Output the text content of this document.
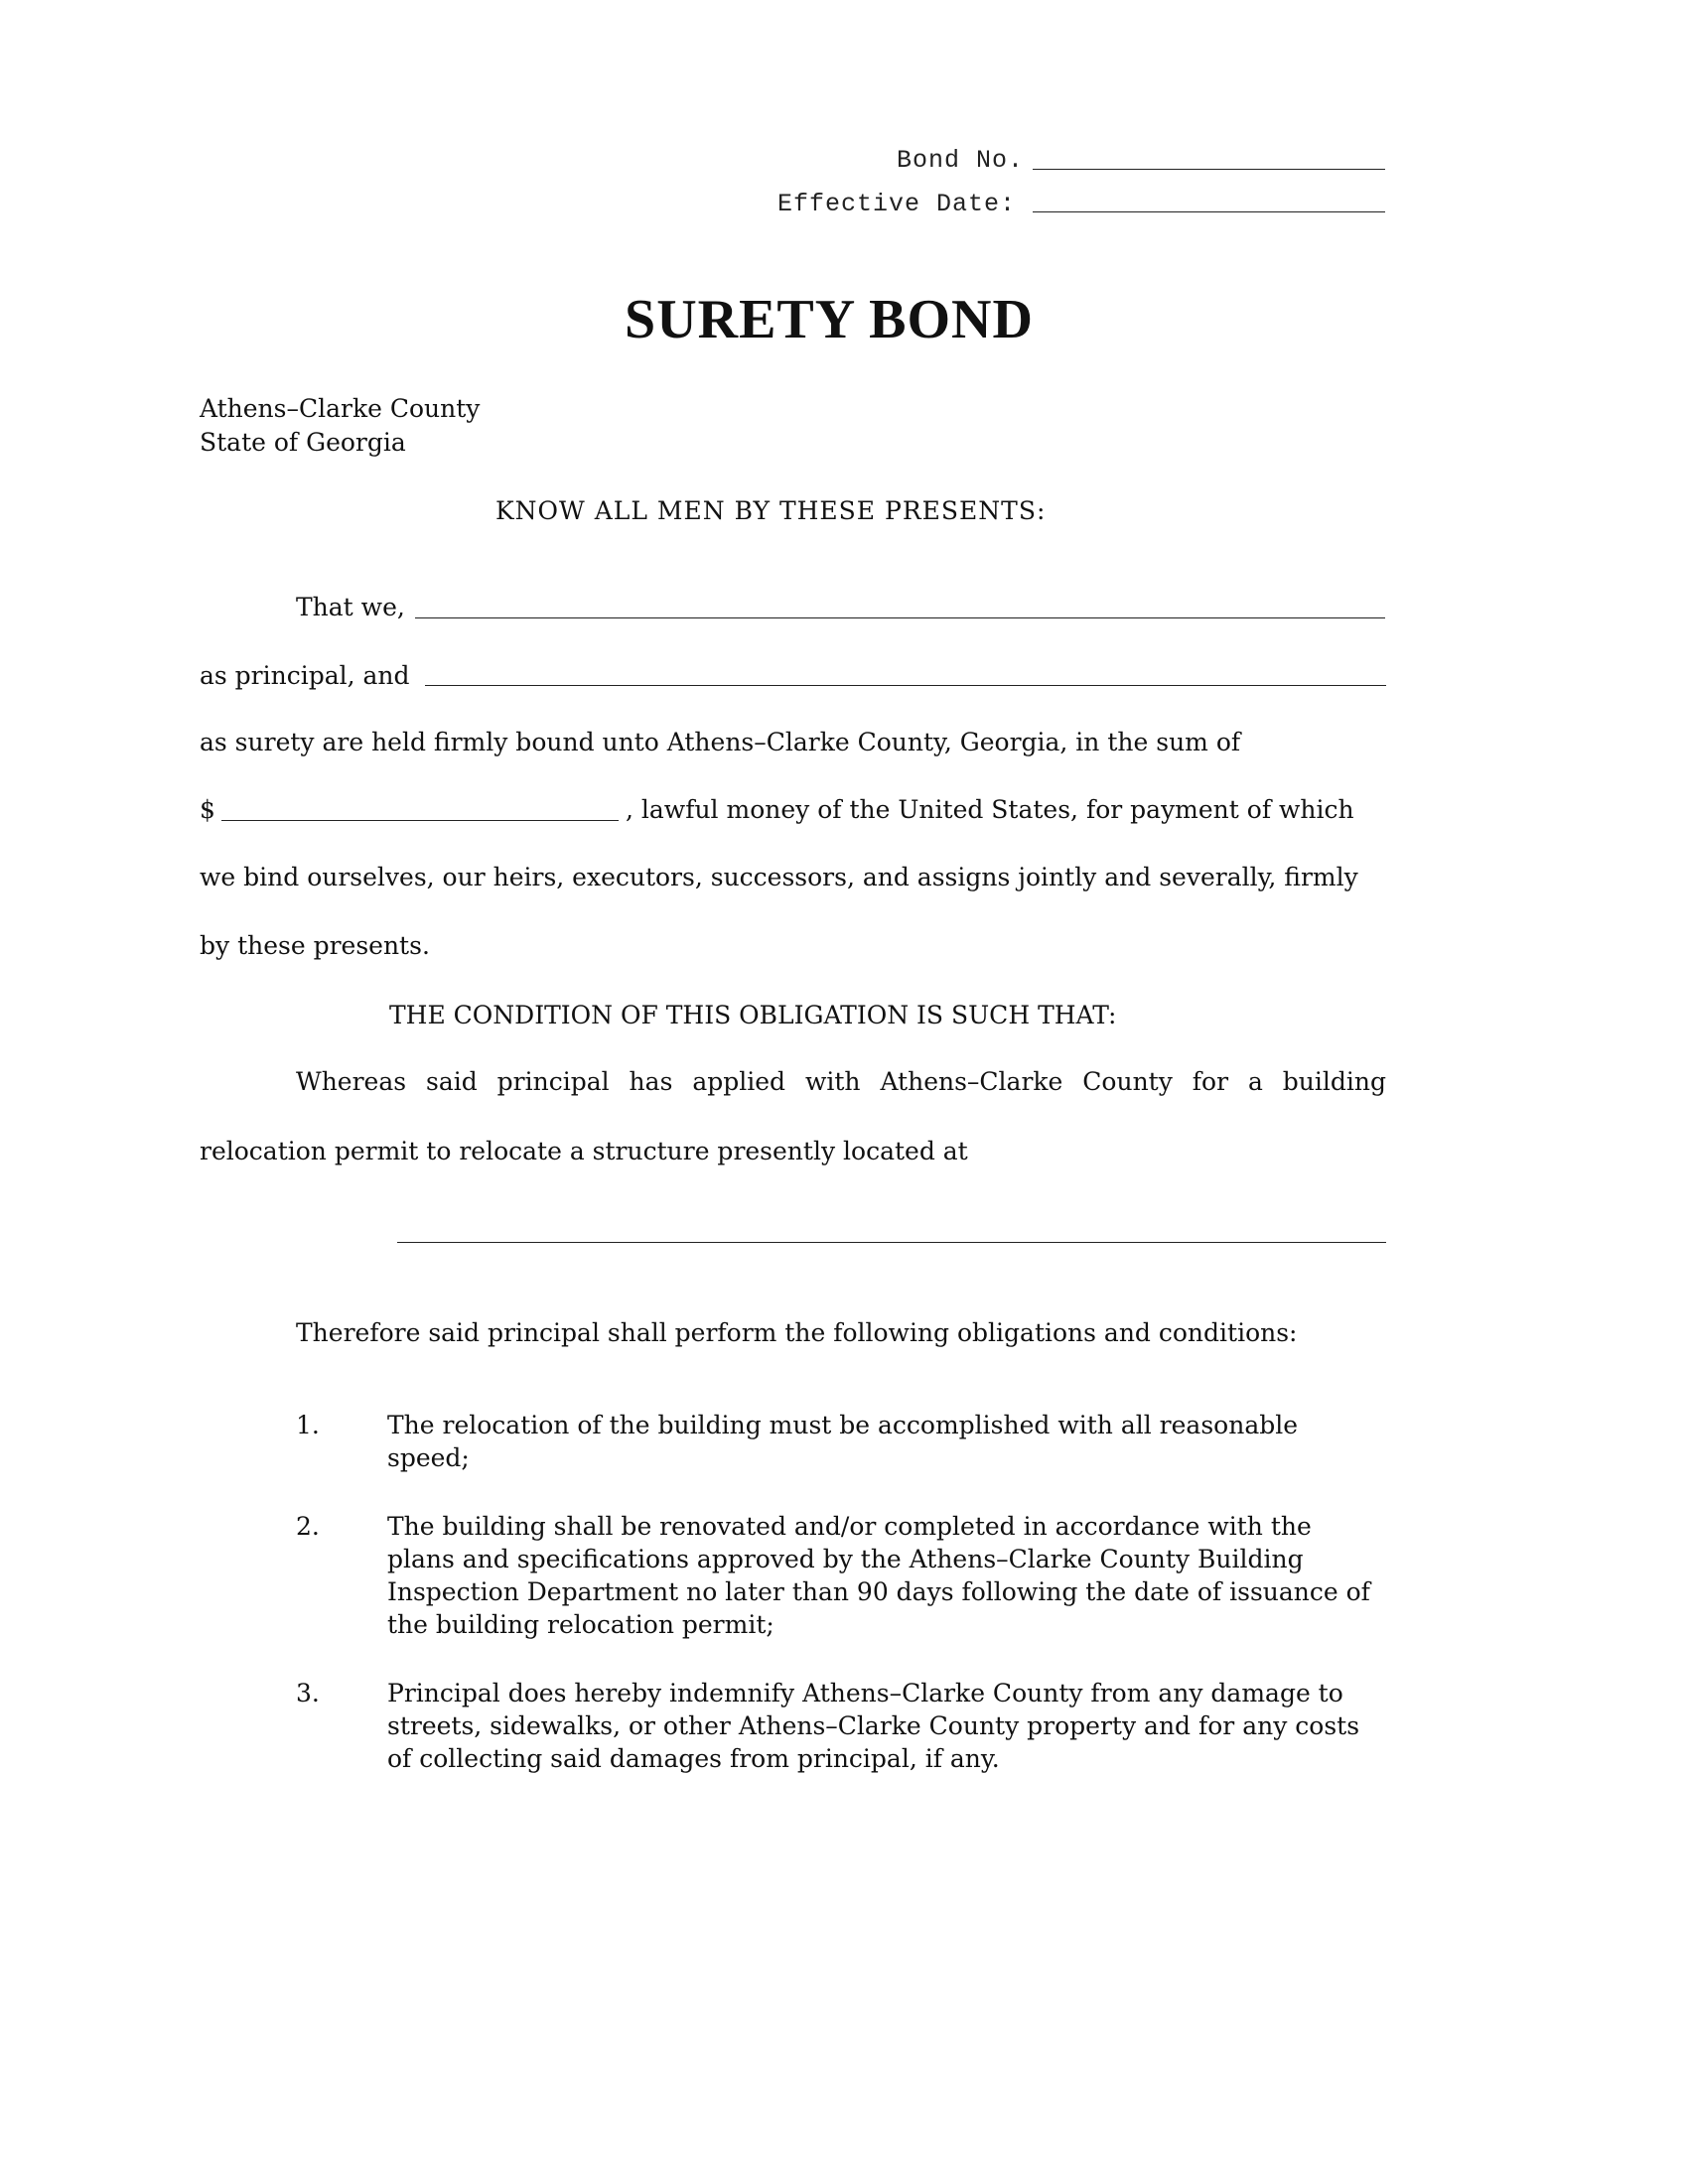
Bond No.
Effective Date:
SURETY BOND
Athens–Clarke County
State of Georgia
KNOW ALL MEN BY THESE PRESENTS:
That we,
as principal, and
as surety are held firmly bound unto Athens–Clarke County, Georgia, in the sum of
$	, lawful money of the United States, for payment of which
we bind ourselves, our heirs, executors, successors, and assigns jointly and severally, firmly
by these presents.
THE CONDITION OF THIS OBLIGATION IS SUCH THAT:
Whereas said principal has applied with Athens–Clarke County for a building
relocation permit to relocate a structure presently located at
Therefore said principal shall perform the following obligations and conditions:
1.	The relocation of the building must be accomplished with all reasonable
speed;
2.	The building shall be renovated and/or completed in accordance with the
plans and specifications approved by the Athens–Clarke County Building
Inspection Department no later than 90 days following the date of issuance of
the building relocation permit;
3.	Principal does hereby indemnify Athens–Clarke County from any damage to
streets, sidewalks, or other Athens–Clarke County property and for any costs
of collecting said damages from principal, if any.
